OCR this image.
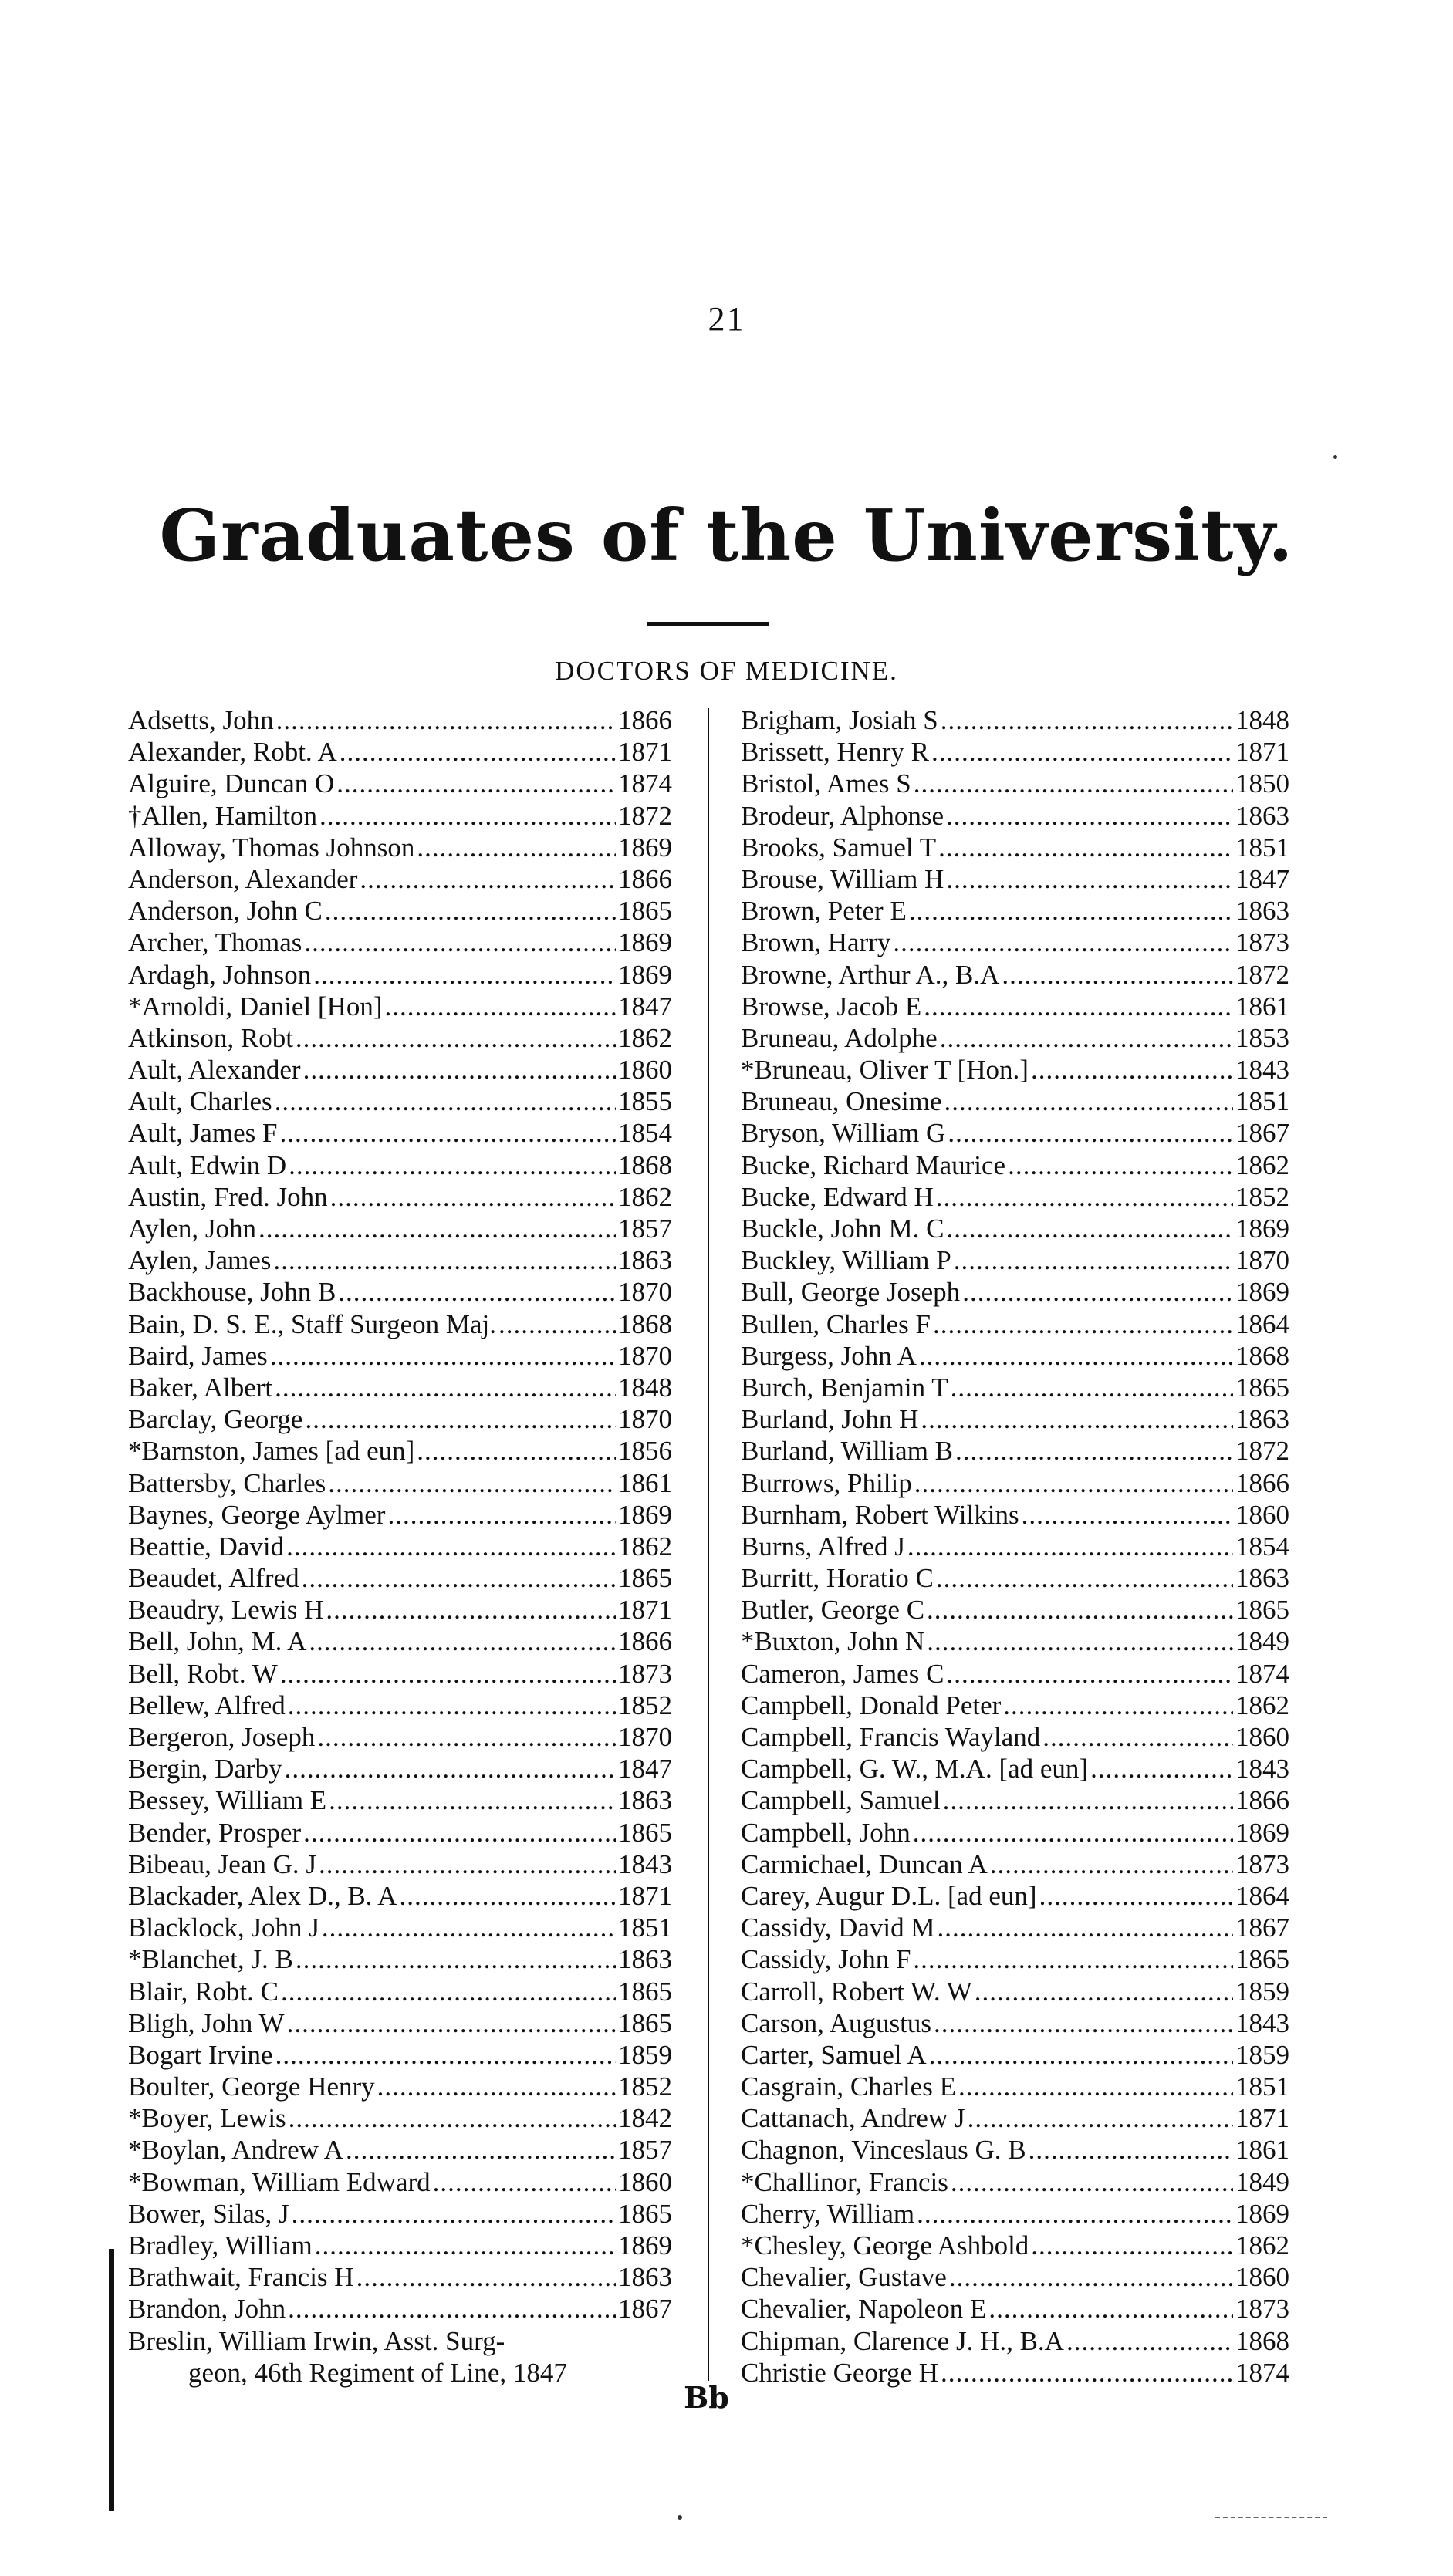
21
Graduates of the University.
DOCTORS OF MEDICINE.
Adsetts, John .....	1866
Alexander, Robt. A .....	1871
Alguire, Duncan O .....	1874
†Allen, Hamilton .....	1872
Alloway, Thomas Johnson .....	1869
Anderson, Alexander .....	1866
Anderson, John C .....	1865
Archer, Thomas .....	1869
Ardagh, Johnson .....	1869
*Arnoldi, Daniel [Hon] .....	1847
Atkinson, Robt .....	1862
Ault, Alexander .....	1860
Ault, Charles .....	1855
Ault, James F .....	1854
Ault, Edwin D .....	1868
Austin, Fred. John .....	1862
Aylen, John .....	1857
Aylen, James .....	1863
Backhouse, John B .....	1870
Bain, D. S. E., Staff Surgeon Maj. .....	1868
Baird, James .....	1870
Baker, Albert .....	1848
Barclay, George .....	1870
*Barnston, James [ad eun] .....	1856
Battersby, Charles .....	1861
Baynes, George Aylmer .....	1869
Beattie, David .....	1862
Beaudet, Alfred .....	1865
Beaudry, Lewis H .....	1871
Bell, John, M. A .....	1866
Bell, Robt. W .....	1873
Bellew, Alfred .....	1852
Bergeron, Joseph .....	1870
Bergin, Darby .....	1847
Bessey, William E .....	1863
Bender, Prosper .....	1865
Bibeau, Jean G. J .....	1843
Blackader, Alex D., B. A .....	1871
Blacklock, John J .....	1851
*Blanchet, J. B .....	1863
Blair, Robt. C .....	1865
Bligh, John W .....	1865
Bogart Irvine .....	1859
Boulter, George Henry .....	1852
*Boyer, Lewis .....	1842
*Boylan, Andrew A .....	1857
*Bowman, William Edward .....	1860
Bower, Silas, J .....	1865
Bradley, William .....	1869
Brathwait, Francis H .....	1863
Brandon, John .....	1867
Breslin, William Irwin, Asst. Surg-
geon, 46th Regiment of Line, 1847
Brigham, Josiah S .....	1848
Brissett, Henry R .....	1871
Bristol, Ames S .....	1850
Brodeur, Alphonse .....	1863
Brooks, Samuel T .....	1851
Brouse, William H .....	1847
Brown, Peter E .....	1863
Brown, Harry .....	1873
Browne, Arthur A., B.A .....	1872
Browse, Jacob E .....	1861
Bruneau, Adolphe .....	1853
*Bruneau, Oliver T [Hon.] .....	1843
Bruneau, Onesime .....	1851
Bryson, William G .....	1867
Bucke, Richard Maurice .....	1862
Bucke, Edward H .....	1852
Buckle, John M. C .....	1869
Buckley, William P .....	1870
Bull, George Joseph .....	1869
Bullen, Charles F .....	1864
Burgess, John A .....	1868
Burch, Benjamin T .....	1865
Burland, John H .....	1863
Burland, William B .....	1872
Burrows, Philip .....	1866
Burnham, Robert Wilkins .....	1860
Burns, Alfred J .....	1854
Burritt, Horatio C .....	1863
Butler, George C .....	1865
*Buxton, John N .....	1849
Cameron, James C .....	1874
Campbell, Donald Peter .....	1862
Campbell, Francis Wayland .....	1860
Campbell, G. W., M.A. [ad eun] .....	1843
Campbell, Samuel .....	1866
Campbell, John .....	1869
Carmichael, Duncan A .....	1873
Carey, Augur D.L. [ad eun] .....	1864
Cassidy, David M .....	1867
Cassidy, John F .....	1865
Carroll, Robert W. W .....	1859
Carson, Augustus .....	1843
Carter, Samuel A .....	1859
Casgrain, Charles E .....	1851
Cattanach, Andrew J .....	1871
Chagnon, Vinceslaus G. B .....	1861
*Challinor, Francis .....	1849
Cherry, William .....	1869
*Chesley, George Ashbold .....	1862
Chevalier, Gustave .....	1860
Chevalier, Napoleon E .....	1873
Chipman, Clarence J. H., B.A .....	1868
Christie George H .....	1874
Bb
